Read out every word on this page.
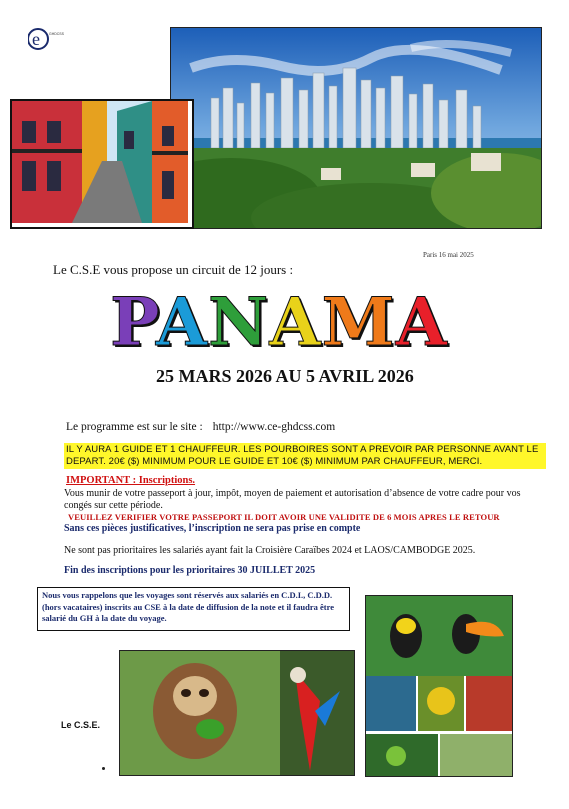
e	GHDCSS
Paris 16 mai 2025
Le C.S.E vous propose un circuit de 12 jours :
PANAMA
25 MARS 2026 AU 5 AVRIL 2026
Le programme est sur le site : http://www.ce-ghdcss.com
IL Y AURA 1 GUIDE ET 1 CHAUFFEUR. LES POURBOIRES SONT A PREVOIR PAR PERSONNE AVANT LE DEPART. 20€ ($) MINIMUM POUR LE GUIDE ET 10€ ($) MINIMUM PAR CHAUFFEUR, MERCI.
IMPORTANT : Inscriptions.
Vous munir de votre passeport à jour, impôt, moyen de paiement et autorisation d’absence de votre cadre pour vos congés sur cette période.
VEUILLEZ VERIFIER VOTRE PASSEPORT IL DOIT AVOIR UNE VALIDITE DE 6 MOIS APRES LE RETOUR
Sans ces pièces justificatives, l’inscription ne sera pas prise en compte
Ne sont pas prioritaires les salariés ayant fait la Croisière Caraïbes 2024 et LAOS/CAMBODGE 2025.
Fin des inscriptions pour les prioritaires 30 JUILLET 2025
Nous vous rappelons que les voyages sont réservés aux salariés en C.D.I., C.D.D. (hors vacataires) inscrits au CSE à la date de diffusion de la note et il faudra être salarié du GH à la date du voyage.
Le C.S.E.
